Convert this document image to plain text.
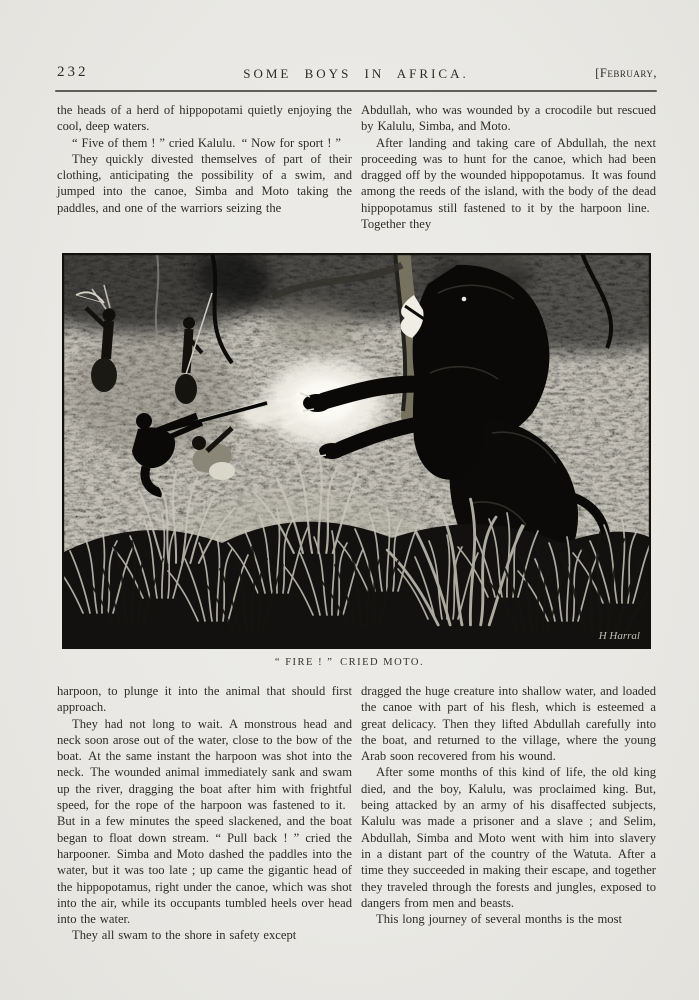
232	SOME BOYS IN AFRICA.	[February,
the heads of a herd of hippopotami quietly enjoying the cool, deep waters.
“ Five of them ! ” cried Kalulu. “ Now for sport ! ”
They quickly divested themselves of part of their clothing, anticipating the possibility of a swim, and jumped into the canoe, Simba and Moto taking the paddles, and one of the warriors seizing the
Abdullah, who was wounded by a crocodile but rescued by Kalulu, Simba, and Moto.
After landing and taking care of Abdullah, the next proceeding was to hunt for the canoe, which had been dragged off by the wounded hippopotamus. It was found among the reeds of the island, with the body of the dead hippopotamus still fastened to it by the harpoon line. Together they
H Harral
“ FIRE ! ” CRIED MOTO.
harpoon, to plunge it into the animal that should first approach.
They had not long to wait. A monstrous head and neck soon arose out of the water, close to the bow of the boat. At the same instant the harpoon was shot into the neck. The wounded animal immediately sank and swam up the river, dragging the boat after him with frightful speed, for the rope of the harpoon was fastened to it. But in a few minutes the speed slackened, and the boat began to float down stream. “ Pull back ! ” cried the harpooner. Simba and Moto dashed the paddles into the water, but it was too late ; up came the gigantic head of the hippopotamus, right under the canoe, which was shot into the air, while its occupants tumbled heels over head into the water.
They all swam to the shore in safety except
dragged the huge creature into shallow water, and loaded the canoe with part of his flesh, which is esteemed a great delicacy. Then they lifted Abdullah carefully into the boat, and returned to the village, where the young Arab soon recovered from his wound.
After some months of this kind of life, the old king died, and the boy, Kalulu, was proclaimed king. But, being attacked by an army of his disaffected subjects, Kalulu was made a prisoner and a slave ; and Selim, Abdullah, Simba and Moto went with him into slavery in a distant part of the country of the Watuta. After a time they succeeded in making their escape, and together they traveled through the forests and jungles, exposed to dangers from men and beasts.
This long journey of several months is the most
